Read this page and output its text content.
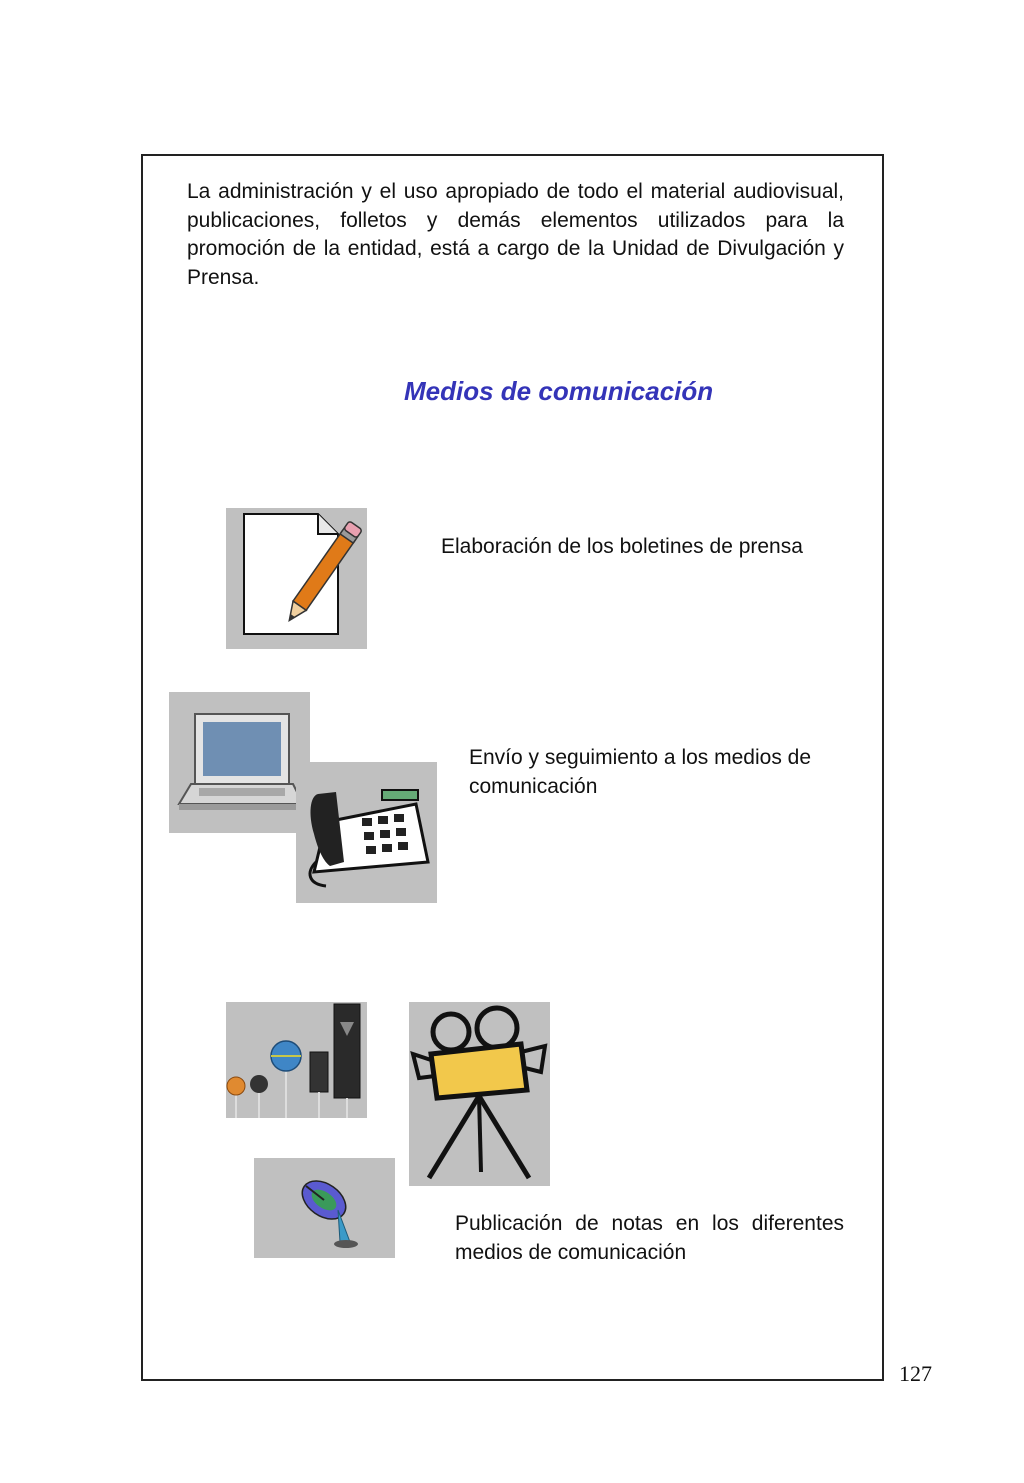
La administración y el uso apropiado de todo el material audiovisual, publicaciones, folletos y demás elementos utilizados para la promoción de la entidad, está a cargo de la Unidad de Divulgación y Prensa.

Medios de comunicación

Elaboración de los boletines de prensa

Envío y seguimiento a los medios de comunicación

Publicación de notas en los diferentes medios de comunicación

127
